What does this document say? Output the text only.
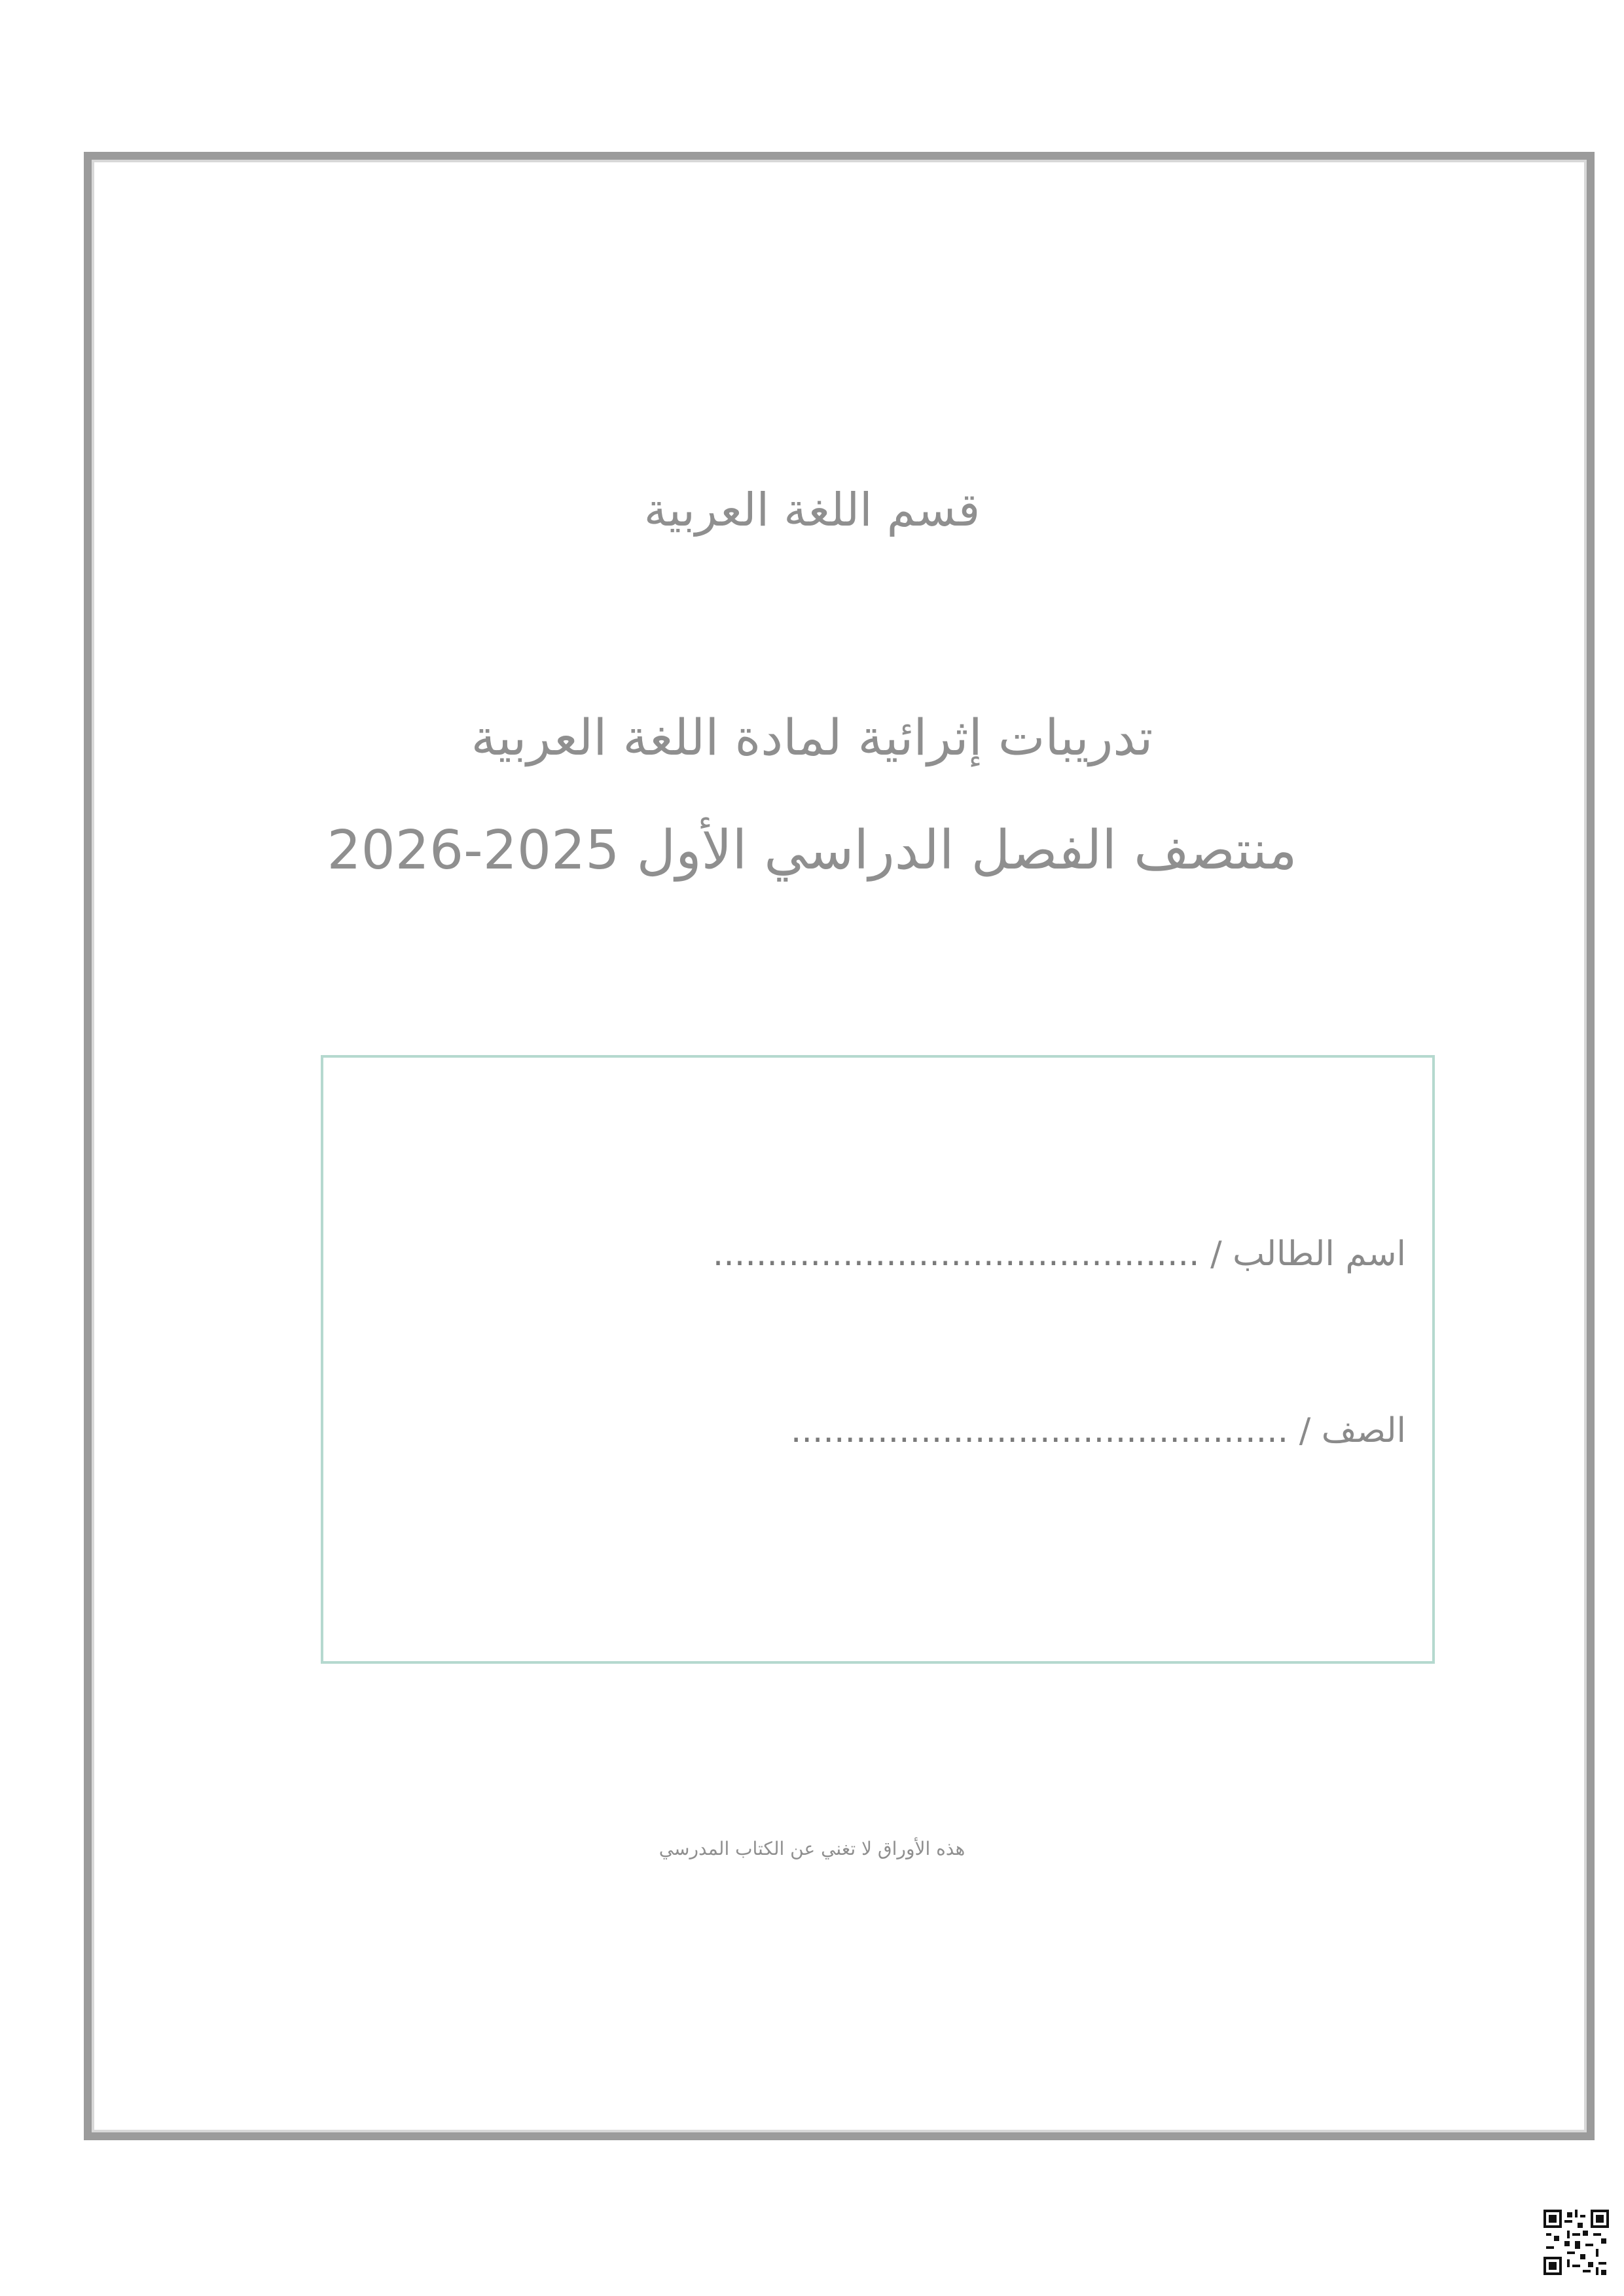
قسم اللغة العربية
تدريبات إثرائية لمادة اللغة العربية
منتصف الفصل الدراسي الأول 2025-2026
اسم الطالب / .............................................
الصف / ..............................................
هذه الأوراق لا تغني عن الكتاب المدرسي
